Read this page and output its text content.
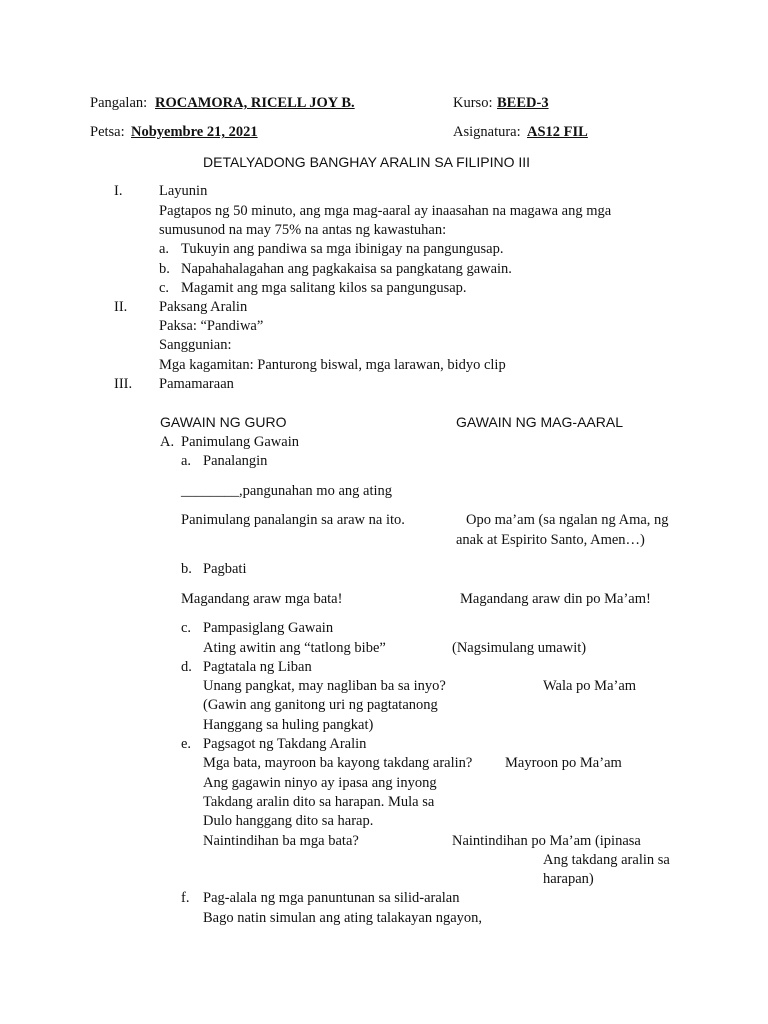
Pangalan: ROCAMORA, RICELL JOY B.	Kurso: BEED-3
Petsa: Nobyembre 21, 2021	Asignatura: AS12 FIL
DETALYADONG BANGHAY ARALIN SA FILIPINO III
I.	Layunin
Pagtapos ng 50 minuto, ang mga mag-aaral ay inaasahan na magawa ang mga
sumusunod na may 75% na antas ng kawastuhan:
a. Tukuyin ang pandiwa sa mga ibinigay na pangungusap.
b. Napahahalagahan ang pagkakaisa sa pangkatang gawain.
c. Magamit ang mga salitang kilos sa pangungusap.
II. Paksang Aralin
Paksa: “Pandiwa”
Sanggunian:
Mga kagamitan: Panturong biswal, mga larawan, bidyo clip
III. Pamamaraan
GAWAIN NG GURO	GAWAIN NG MAG-AARAL
A. Panimulang Gawain
a. Panalangin
________,pangunahan mo ang ating
Panimulang panalangin sa araw na ito.	Opo ma’am (sa ngalan ng Ama, ng
anak at Espirito Santo, Amen…)
b. Pagbati
Magandang araw mga bata!	Magandang araw din po Ma’am!
c. Pampasiglang Gawain
Ating awitin ang “tatlong bibe”	(Nagsimulang umawit)
d. Pagtatala ng Liban
Unang pangkat, may nagliban ba sa inyo?	Wala po Ma’am
(Gawin ang ganitong uri ng pagtatanong
Hanggang sa huling pangkat)
e. Pagsagot ng Takdang Aralin
Mga bata, mayroon ba kayong takdang aralin? Mayroon po Ma’am
Ang gagawin ninyo ay ipasa ang inyong
Takdang aralin dito sa harapan. Mula sa
Dulo hanggang dito sa harap.
Naintindihan ba mga bata?	Naintindihan po Ma’am (ipinasa
Ang takdang aralin sa
harapan)
f. Pag-alala ng mga panuntunan sa silid-aralan
Bago natin simulan ang ating talakayan ngayon,
